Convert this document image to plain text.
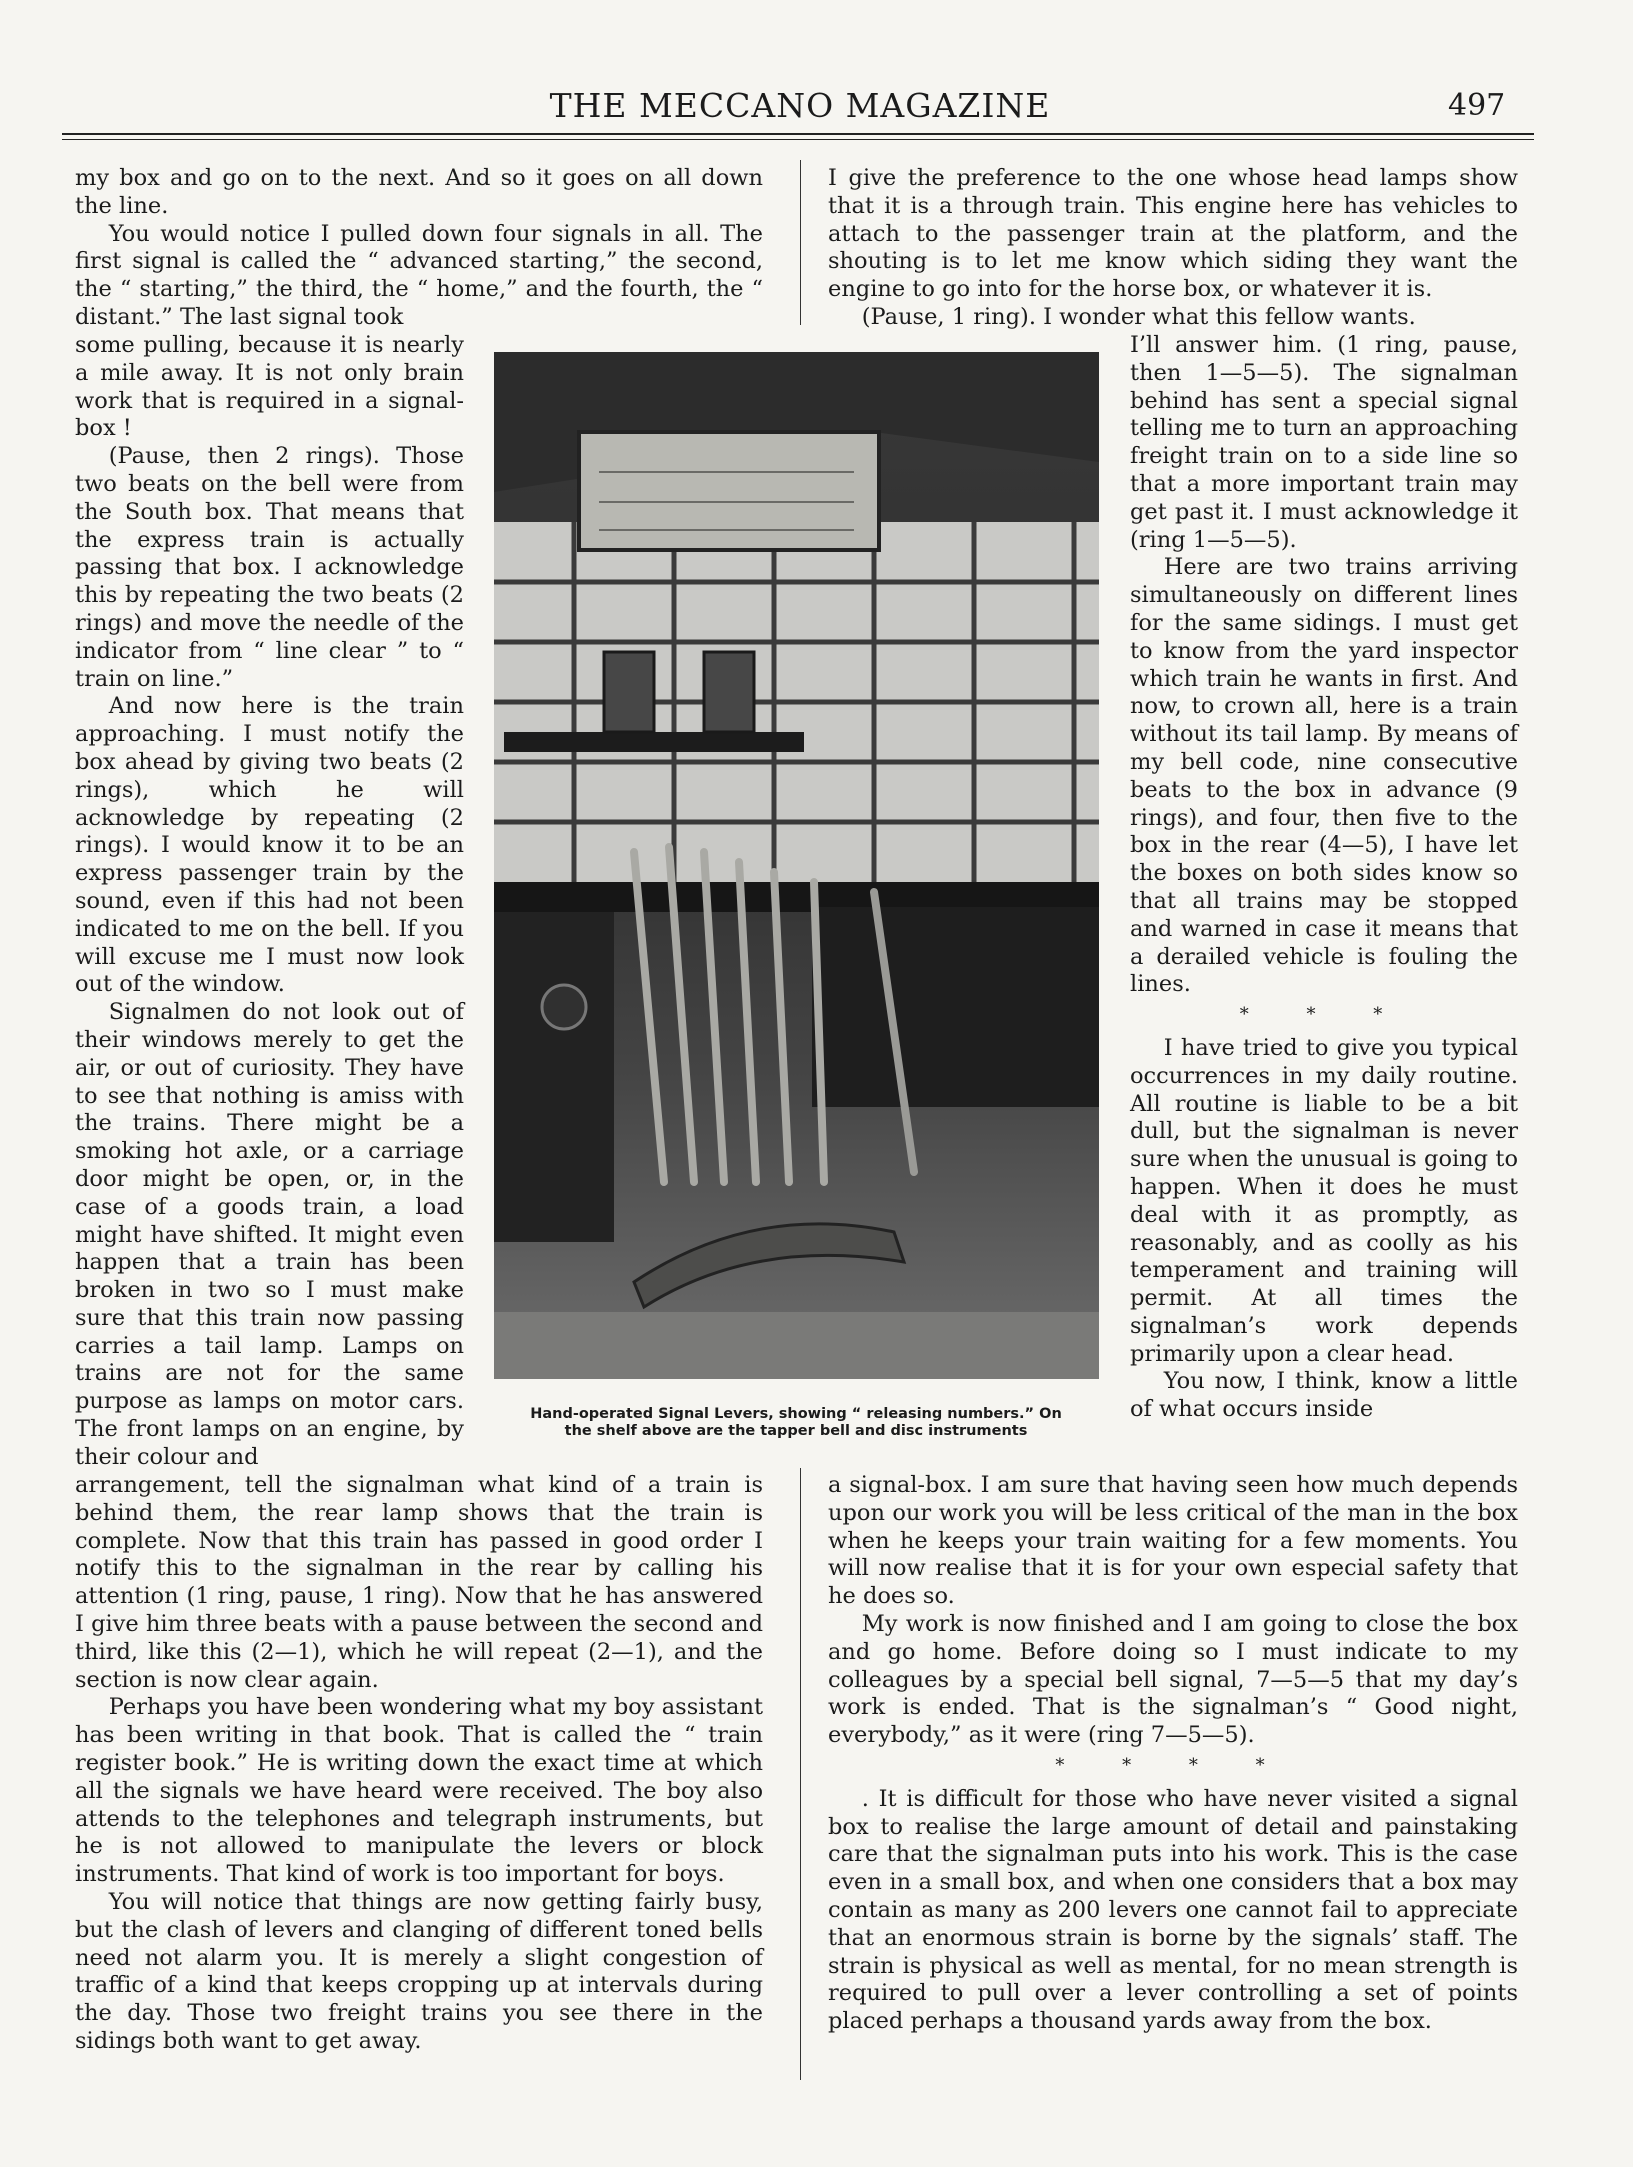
THE MECCANO MAGAZINE	497

my box and go on to the next. And so it goes on all down the line.

You would notice I pulled down four signals in all. The first signal is called the “ advanced starting,” the second, the “ starting,” the third, the “ home,” and the fourth, the “ distant.” The last signal took

some pulling, because it is nearly a mile away. It is not only brain work that is required in a signal-box !

(Pause, then 2 rings). Those two beats on the bell were from the South box. That means that the express train is actually passing that box. I acknowledge this by repeating the two beats (2 rings) and move the needle of the indicator from “ line clear ” to “ train on line.”

And now here is the train approaching. I must notify the box ahead by giving two beats (2 rings), which he will acknowledge by repeating (2 rings). I would know it to be an express passenger train by the sound, even if this had not been indicated to me on the bell. If you will excuse me I must now look out of the window.

Signalmen do not look out of their windows merely to get the air, or out of curiosity. They have to see that nothing is amiss with the trains. There might be a smoking hot axle, or a carriage door might be open, or, in the case of a goods train, a load might have shifted. It might even happen that a train has been broken in two so I must make sure that this train now passing carries a tail lamp. Lamps on trains are not for the same purpose as lamps on motor cars. The front lamps on an engine, by their colour and

arrangement, tell the signalman what kind of a train is behind them, the rear lamp shows that the train is complete. Now that this train has passed in good order I notify this to the signalman in the rear by calling his attention (1 ring, pause, 1 ring). Now that he has answered I give him three beats with a pause between the second and third, like this (2—1), which he will repeat (2—1), and the section is now clear again.

Perhaps you have been wondering what my boy assistant has been writing in that book. That is called the “ train register book.” He is writing down the exact time at which all the signals we have heard were received. The boy also attends to the telephones and telegraph instruments, but he is not allowed to manipulate the levers or block instruments. That kind of work is too important for boys.

You will notice that things are now getting fairly busy, but the clash of levers and clanging of different toned bells need not alarm you. It is merely a slight congestion of traffic of a kind that keeps cropping up at intervals during the day. Those two freight trains you see there in the sidings both want to get away.

I give the preference to the one whose head lamps show that it is a through train. This engine here has vehicles to attach to the passenger train at the platform, and the shouting is to let me know which siding they want the engine to go into for the horse box, or whatever it is.

(Pause, 1 ring). I wonder what this fellow wants.

I’ll answer him. (1 ring, pause, then 1—5—5). The signalman behind has sent a special signal telling me to turn an approaching freight train on to a side line so that a more important train may get past it. I must acknowledge it (ring 1—5—5).

Here are two trains arriving simultaneously on different lines for the same sidings. I must get to know from the yard inspector which train he wants in first. And now, to crown all, here is a train without its tail lamp. By means of my bell code, nine consecutive beats to the box in advance (9 rings), and four, then five to the box in the rear (4—5), I have let the boxes on both sides know so that all trains may be stopped and warned in case it means that a derailed vehicle is fouling the lines.

* * *

I have tried to give you typical occurrences in my daily routine. All routine is liable to be a bit dull, but the signalman is never sure when the unusual is going to happen. When it does he must deal with it as promptly, as reasonably, and as coolly as his temperament and training will permit. At all times the signalman’s work depends primarily upon a clear head.

You now, I think, know a little of what occurs inside

a signal-box. I am sure that having seen how much depends upon our work you will be less critical of the man in the box when he keeps your train waiting for a few moments. You will now realise that it is for your own especial safety that he does so.

My work is now finished and I am going to close the box and go home. Before doing so I must indicate to my colleagues by a special bell signal, 7—5—5 that my day’s work is ended. That is the signalman’s “ Good night, everybody,” as it were (ring 7—5—5).

* * * *

. It is difficult for those who have never visited a signal box to realise the large amount of detail and painstaking care that the signalman puts into his work. This is the case even in a small box, and when one considers that a box may contain as many as 200 levers one cannot fail to appreciate that an enormous strain is borne by the signals’ staff. The strain is physical as well as mental, for no mean strength is required to pull over a lever controlling a set of points placed perhaps a thousand yards away from the box.

Hand-operated Signal Levers, showing “ releasing numbers.” On
the shelf above are the tapper bell and disc instruments
